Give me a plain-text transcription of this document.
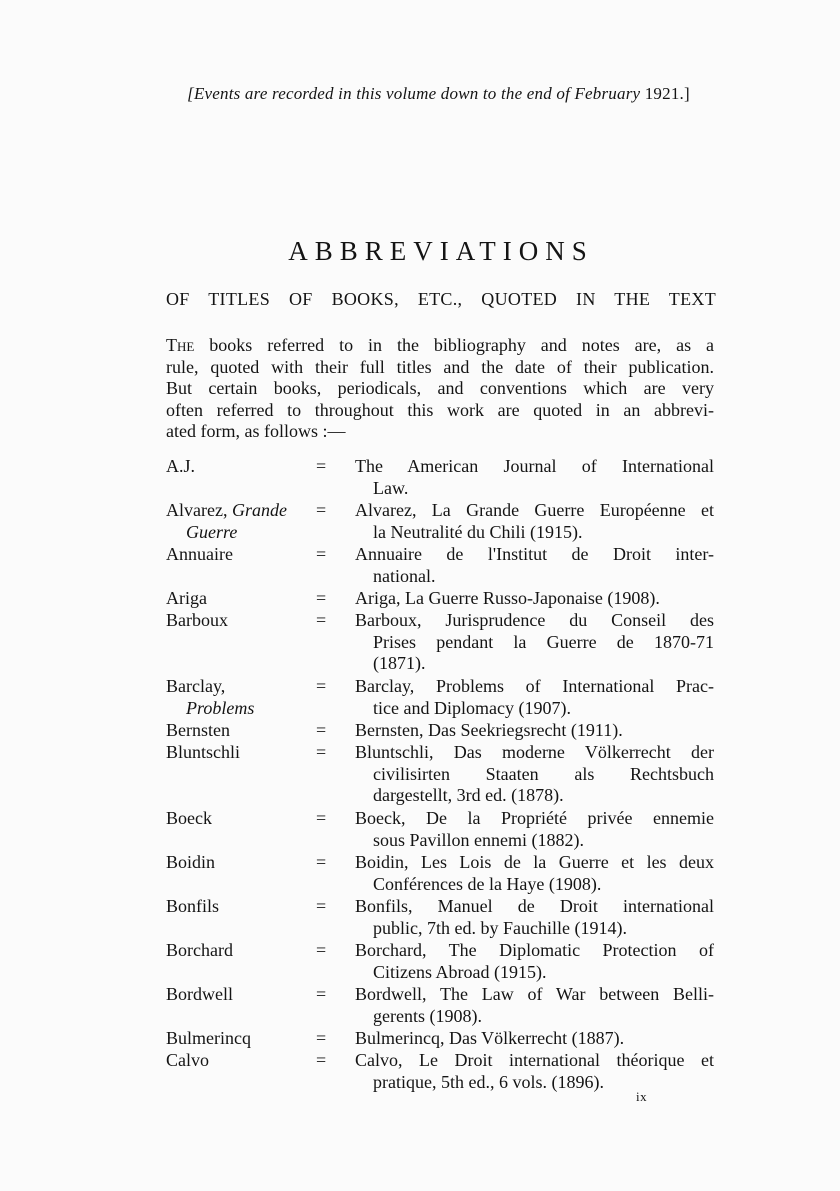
[Events are recorded in this volume down to the end of February 1921.]
ABBREVIATIONS
OF TITLES OF BOOKS, ETC., QUOTED IN THE TEXT
The books referred to in the bibliography and notes are, as a
rule, quoted with their full titles and the date of their publication.
But certain books, periodicals, and conventions which are very
often referred to throughout this work are quoted in an abbrevi-
ated form, as follows :—
A.J.	=	The American Journal of International
Law.
Alvarez, Grande
Guerre
=	Alvarez, La Grande Guerre Européenne et
la Neutralité du Chili (1915).
Annuaire	=	Annuaire de l'Institut de Droit inter-
national.
Ariga	=	Ariga, La Guerre Russo-Japonaise (1908).
Barboux	=	Barboux, Jurisprudence du Conseil des
Prises pendant la Guerre de 1870-71
(1871).
Barclay,
Problems
=	Barclay, Problems of International Prac-
tice and Diplomacy (1907).
Bernsten	=	Bernsten, Das Seekriegsrecht (1911).
Bluntschli	=	Bluntschli, Das moderne Völkerrecht der
civilisirten Staaten als Rechtsbuch
dargestellt, 3rd ed. (1878).
Boeck	=	Boeck, De la Propriété privée ennemie
sous Pavillon ennemi (1882).
Boidin	=	Boidin, Les Lois de la Guerre et les deux
Conférences de la Haye (1908).
Bonfils	=	Bonfils, Manuel de Droit international
public, 7th ed. by Fauchille (1914).
Borchard	=	Borchard, The Diplomatic Protection of
Citizens Abroad (1915).
Bordwell	=	Bordwell, The Law of War between Belli-
gerents (1908).
Bulmerincq	=	Bulmerincq, Das Völkerrecht (1887).
Calvo	=	Calvo, Le Droit international théorique et
pratique, 5th ed., 6 vols. (1896).
ix
